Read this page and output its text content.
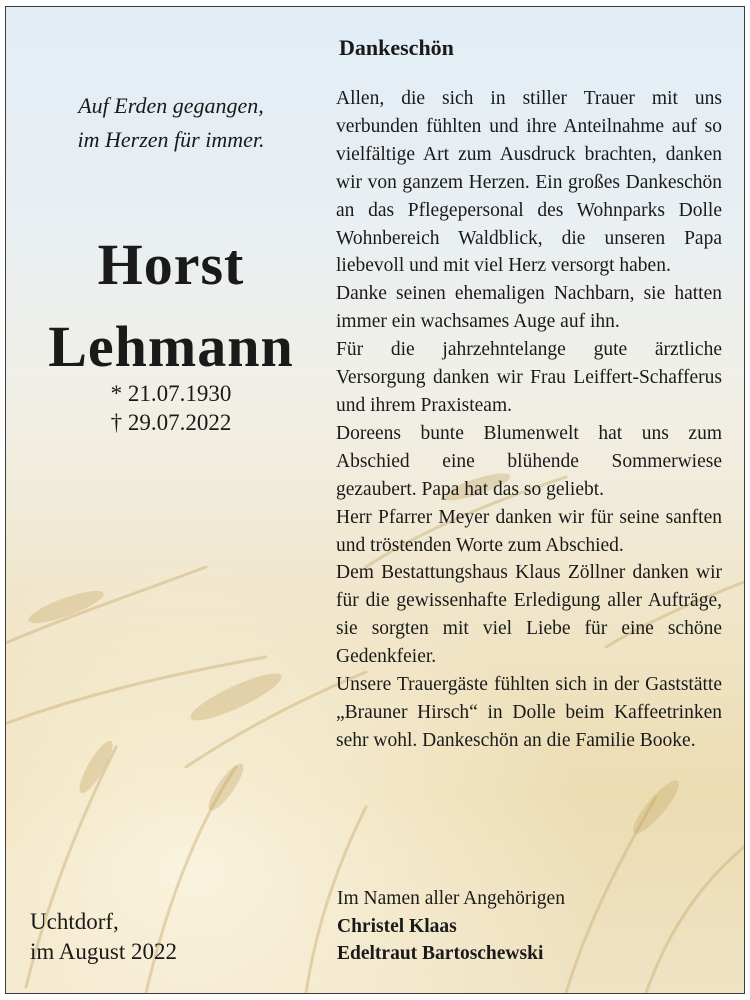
Auf Erden gegangen,
im Herzen für immer.
Horst
Lehmann
* 21.07.1930
† 29.07.2022
Uchtdorf,
im August 2022
Dankeschön

Allen, die sich in stiller Trauer mit uns verbunden fühlten und ihre Anteilnahme auf so vielfältige Art zum Ausdruck brachten, danken wir von ganzem Herzen. Ein großes Dankeschön an das Pflegepersonal des Wohnparks Dolle Wohnbereich Waldblick, die unseren Papa liebevoll und mit viel Herz versorgt haben.

Danke seinen ehemaligen Nachbarn, sie hatten immer ein wachsames Auge auf ihn.

Für die jahrzehntelange gute ärztliche Versorgung danken wir Frau Leiffert-Schafferus und ihrem Praxisteam.

Doreens bunte Blumenwelt hat uns zum Abschied eine blühende Sommerwiese gezaubert. Papa hat das so geliebt.

Herr Pfarrer Meyer danken wir für seine sanften und tröstenden Worte zum Abschied.

Dem Bestattungshaus Klaus Zöllner danken wir für die gewissenhafte Erledigung aller Aufträge, sie sorgten mit viel Liebe für eine schöne Gedenkfeier.

Unsere Trauergäste fühlten sich in der Gaststätte „Brauner Hirsch“ in Dolle beim Kaffeetrinken sehr wohl. Dankeschön an die Familie Booke.

Im Namen aller Angehörigen
Christel Klaas
Edeltraut Bartoschewski
